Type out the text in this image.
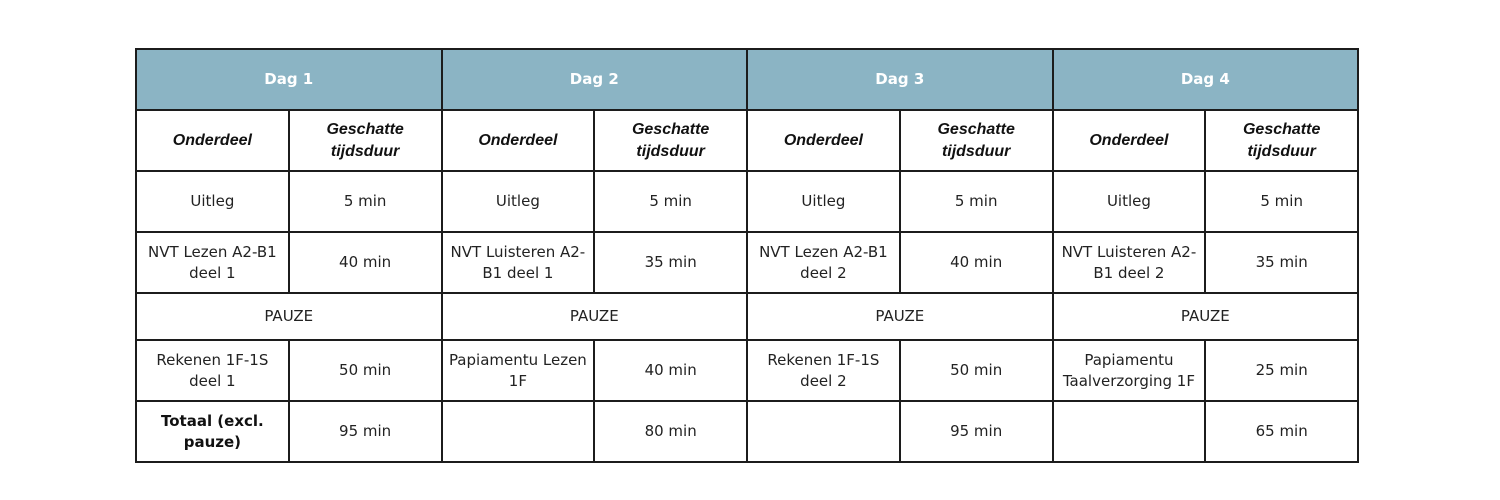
Dag 1		Dag 2		Dag 3		Dag 4	
Onderdeel	Geschatte tijdsduur	Onderdeel	Geschatte tijdsduur	Onderdeel	Geschatte tijdsduur	Onderdeel	Geschatte tijdsduur
Uitleg	5 min	Uitleg	5 min	Uitleg	5 min	Uitleg	5 min
NVT Lezen A2-B1 deel 1	40 min	NVT Luisteren A2-B1 deel 1	35 min	NVT Lezen A2-B1 deel 2	40 min	NVT Luisteren A2-B1 deel 2	35 min
PAUZE		PAUZE		PAUZE		PAUZE	
Rekenen 1F-1S deel 1	50 min	Papiamentu Lezen 1F	40 min	Rekenen 1F-1S deel 2	50 min	Papiamentu Taalverzorging 1F	25 min
Totaal (excl. pauze)	95 min		80 min		95 min		65 min
